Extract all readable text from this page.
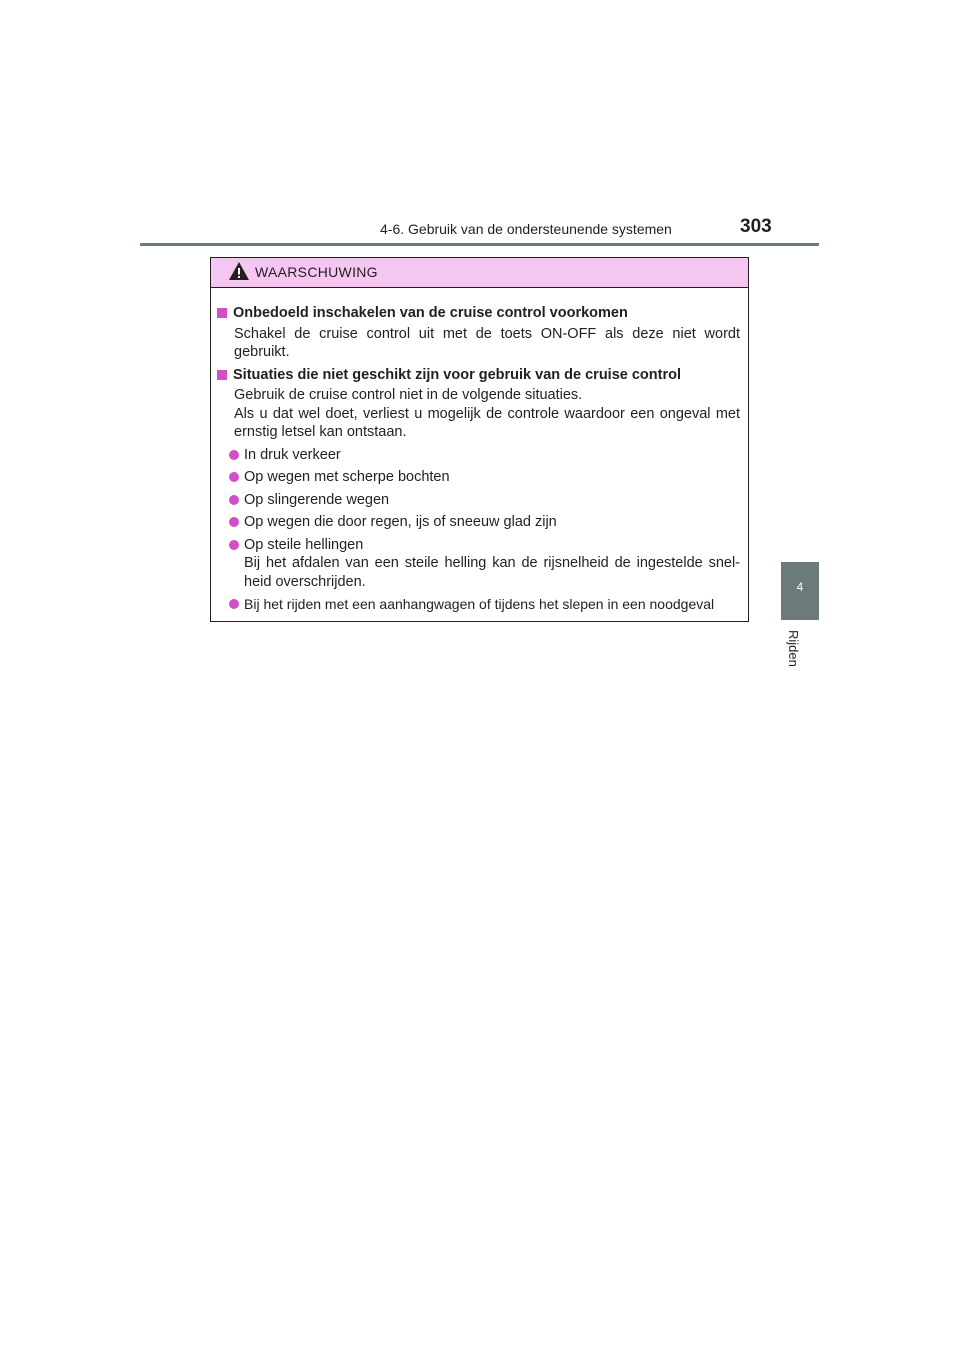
4-6. Gebruik van de ondersteunende systemen	303
4
Rijden
WAARSCHUWING
Onbedoeld inschakelen van de cruise control voorkomen
Schakel de cruise control uit met de toets ON-OFF als deze niet wordt gebruikt.
Situaties die niet geschikt zijn voor gebruik van de cruise control
Gebruik de cruise control niet in de volgende situaties.
Als u dat wel doet, verliest u mogelijk de controle waardoor een ongeval met ernstig letsel kan ontstaan.
In druk verkeer
Op wegen met scherpe bochten
Op slingerende wegen
Op wegen die door regen, ijs of sneeuw glad zijn
Op steile hellingen
Bij het afdalen van een steile helling kan de rijsnelheid de ingestelde snel-heid overschrijden.
Bij het rijden met een aanhangwagen of tijdens het slepen in een noodgeval
